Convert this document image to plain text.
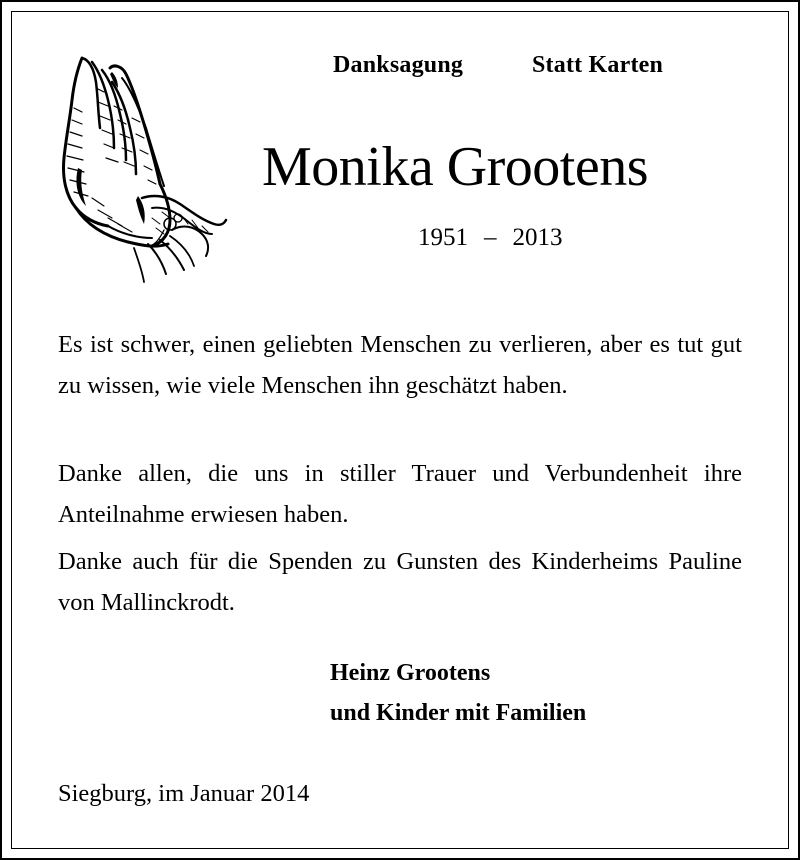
Danksagung	Statt Karten
Monika Grootens
1951 – 2013
Es ist schwer, einen geliebten Menschen zu verlieren, aber es tut gut zu wissen, wie viele Menschen ihn geschätzt haben.
Danke allen, die uns in stiller Trauer und Verbundenheit ihre Anteilnahme erwiesen haben.
Danke auch für die Spenden zu Gunsten des Kinderheims Pauline von Mallinckrodt.
Heinz Grootens
und Kinder mit Familien
Siegburg, im Januar 2014
